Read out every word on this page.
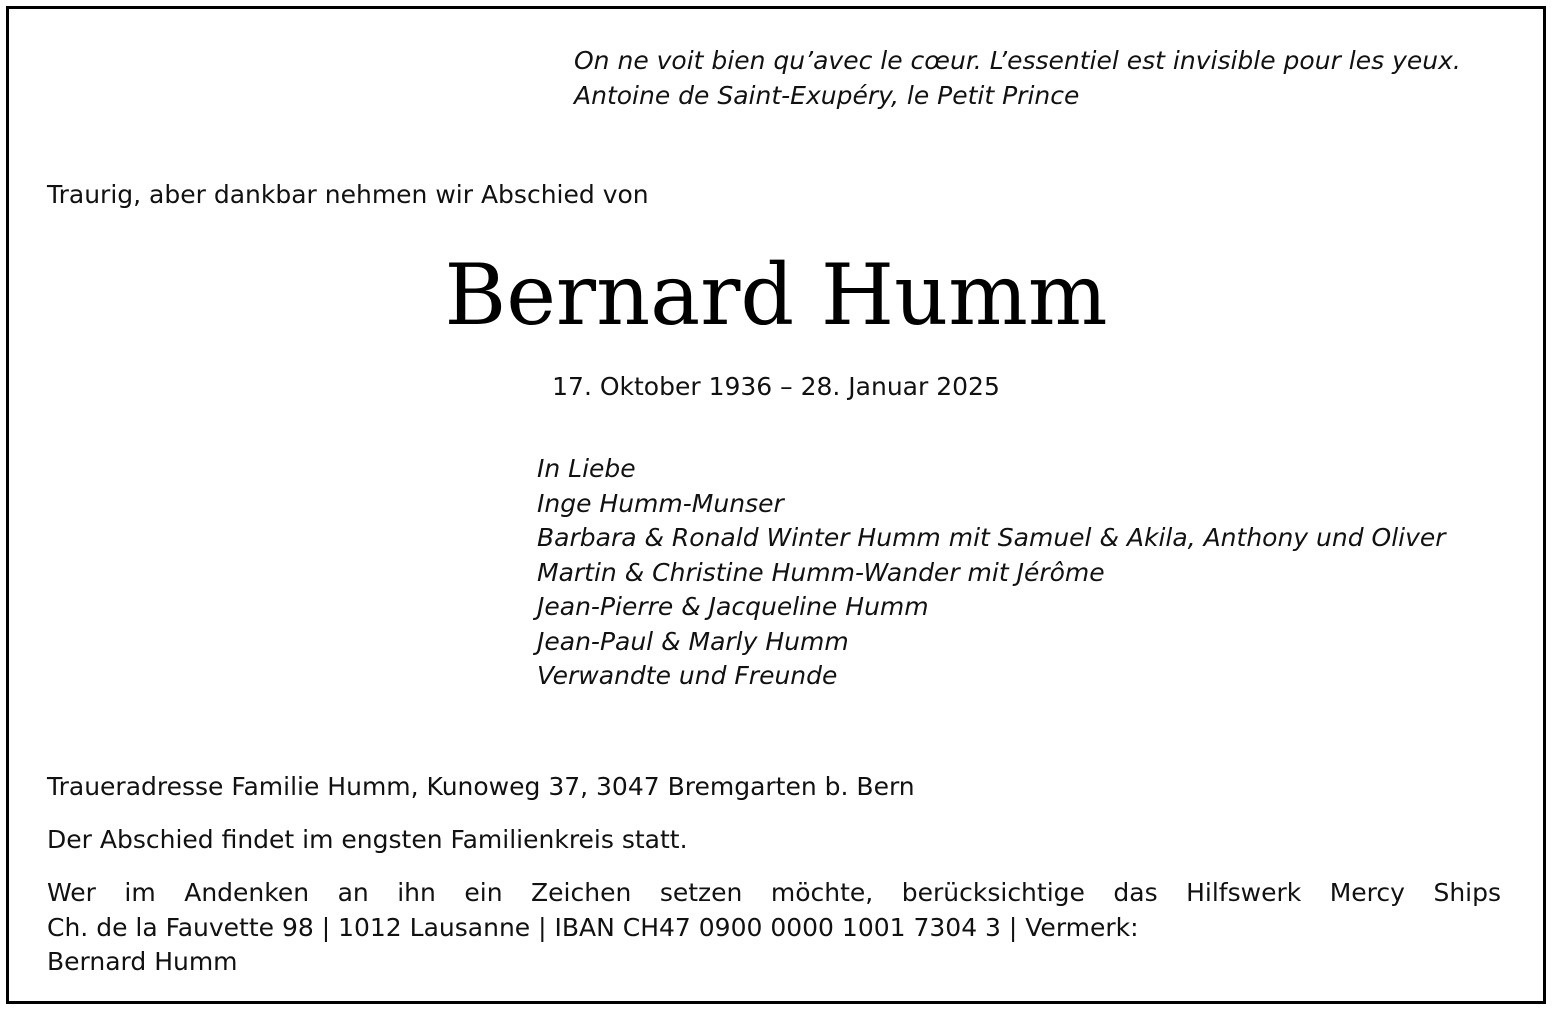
On ne voit bien qu’avec le cœur. L’essentiel est invisible pour les yeux.
Antoine de Saint-Exupéry, le Petit Prince
Traurig, aber dankbar nehmen wir Abschied von
Bernard Humm
17. Oktober 1936 – 28. Januar 2025
In Liebe
Inge Humm-Munser
Barbara & Ronald Winter Humm mit Samuel & Akila, Anthony und Oliver
Martin & Christine Humm-Wander mit Jérôme
Jean-Pierre & Jacqueline Humm
Jean-Paul & Marly Humm
Verwandte und Freunde
Traueradresse Familie Humm, Kunoweg 37, 3047 Bremgarten b. Bern
Der Abschied findet im engsten Familienkreis statt.
Wer im Andenken an ihn ein Zeichen setzen möchte, berücksichtige das Hilfswerk Mercy Ships
Ch. de la Fauvette 98 | 1012 Lausanne | IBAN CH47 0900 0000 1001 7304 3 | Vermerk:
Bernard Humm
